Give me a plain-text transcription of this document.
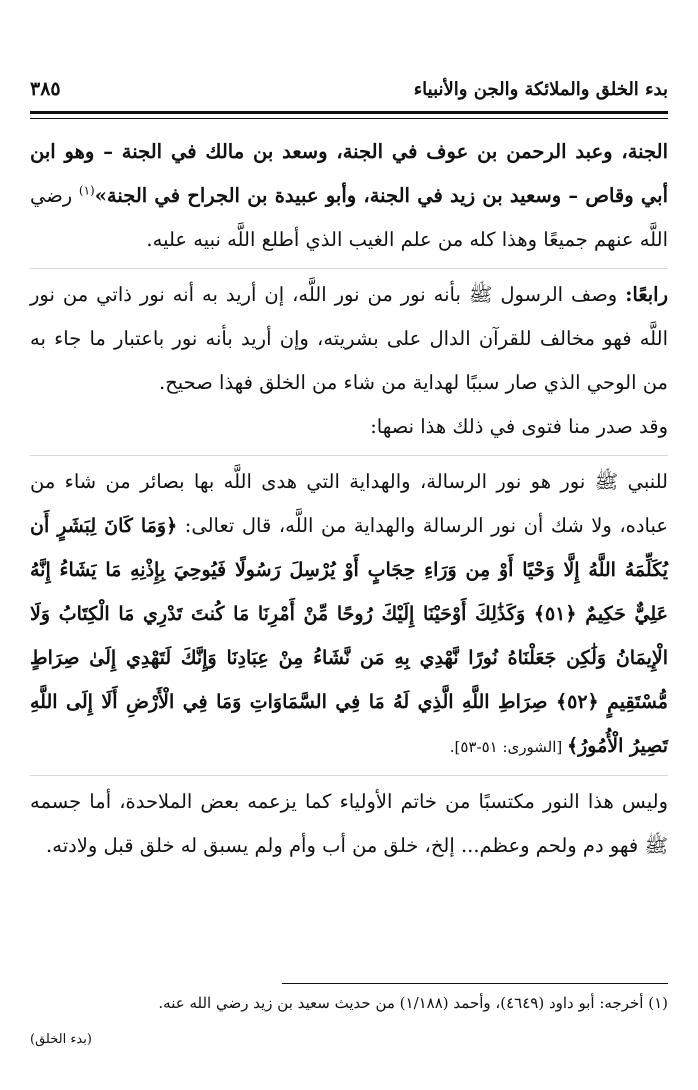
بدء الخلق والملائكة والجن والأنبياء
٣٨٥

الجنة، وعبد الرحمن بن عوف في الجنة، وسعد بن مالك في الجنة – وهو ابن أبي وقاص – وسعيد بن زيد في الجنة، وأبو عبيدة بن الجراح في الجنة»$^{(١)}$ رضي اللَّه عنهم جميعًا وهذا كله من علم الغيب الذي أطلع اللَّه نبيه عليه.

رابعًا: وصف الرسول ﷺ بأنه نور من نور اللَّه، إن أريد به أنه نور ذاتي من نور اللَّه فهو مخالف للقرآن الدال على بشريته، وإن أريد بأنه نور باعتبار ما جاء به من الوحي الذي صار سببًا لهداية من شاء من الخلق فهذا صحيح.

وقد صدر منا فتوى في ذلك هذا نصها:

للنبي ﷺ نور هو نور الرسالة، والهداية التي هدى اللَّه بها بصائر من شاء من عباده، ولا شك أن نور الرسالة والهداية من اللَّه، قال تعالى: ﴿وَمَا كَانَ لِبَشَرٍ أَن يُكَلِّمَهُ اللَّهُ إِلَّا وَحْيًا أَوْ مِن وَرَاءِ حِجَابٍ أَوْ يُرْسِلَ رَسُولًا فَيُوحِيَ بِإِذْنِهِ مَا يَشَاءُ إِنَّهُ عَلِيٌّ حَكِيمٌ ﴿٥١﴾ وَكَذَٰلِكَ أَوْحَيْنَا إِلَيْكَ رُوحًا مِّنْ أَمْرِنَا مَا كُنتَ تَدْرِي مَا الْكِتَابُ وَلَا الْإِيمَانُ وَلَٰكِن جَعَلْنَاهُ نُورًا نَّهْدِي بِهِ مَن نَّشَاءُ مِنْ عِبَادِنَا وَإِنَّكَ لَتَهْدِي إِلَىٰ صِرَاطٍ مُّسْتَقِيمٍ ﴿٥٢﴾ صِرَاطِ اللَّهِ الَّذِي لَهُ مَا فِي السَّمَاوَاتِ وَمَا فِي الْأَرْضِ أَلَا إِلَى اللَّهِ تَصِيرُ الْأُمُورُ﴾ [الشورى: ٥١-٥٣].

وليس هذا النور مكتسبًا من خاتم الأولياء كما يزعمه بعض الملاحدة، أما جسمه ﷺ فهو دم ولحم وعظم... إلخ، خلق من أب وأم ولم يسبق له خلق قبل ولادته.

(١) أخرجه: أبو داود (٤٦٤٩)، وأحمد (١/١٨٨) من حديث سعيد بن زيد رضي الله عنه.
(بدء الخلق)
